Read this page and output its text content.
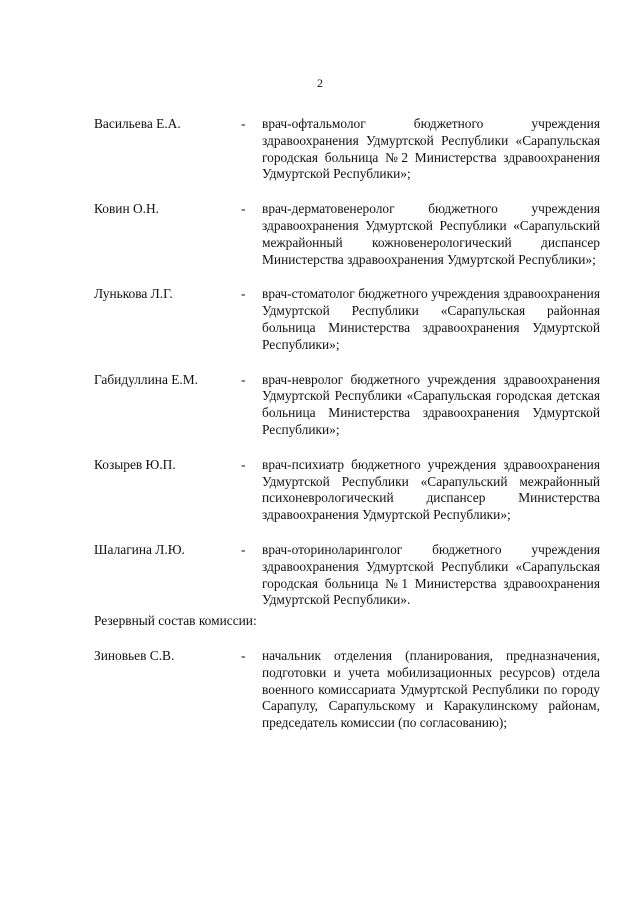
2
Васильева Е.А.	- врач-офтальмолог бюджетного учреждения здравоохранения Удмуртской Республики «Сарапульская городская больница №2 Министерства здравоохранения Удмуртской Республики»;
Ковин О.Н.	- врач-дерматовенеролог бюджетного учреждения здравоохранения Удмуртской Республики «Сарапульский межрайонный кожновенерологический диспансер Министерства здравоохранения Удмуртской Республики»;
Лунькова Л.Г.	- врач-стоматолог бюджетного учреждения здравоохранения Удмуртской Республики «Сарапульская районная больница Министерства здравоохранения Удмуртской Республики»;
Габидуллина Е.М.	- врач-невролог бюджетного учреждения здравоохранения Удмуртской Республики «Сарапульская городская детская больница Министерства здравоохранения Удмуртской Республики»;
Козырев Ю.П.	- врач-психиатр бюджетного учреждения здравоохранения Удмуртской Республики «Сарапульский межрайонный психоневрологический диспансер Министерства здравоохранения Удмуртской Республики»;
Шалагина Л.Ю.	- врач-оториноларинголог бюджетного учреждения здравоохранения Удмуртской Республики «Сарапульская городская больница №1 Министерства здравоохранения Удмуртской Республики».
Резервный состав комиссии:
Зиновьев С.В.	- начальник отделения (планирования, предназначения, подготовки и учета мобилизационных ресурсов) отдела военного комиссариата Удмуртской Республики по городу Сарапулу, Сарапульскому и Каракулинскому районам, председатель комиссии (по согласованию);
